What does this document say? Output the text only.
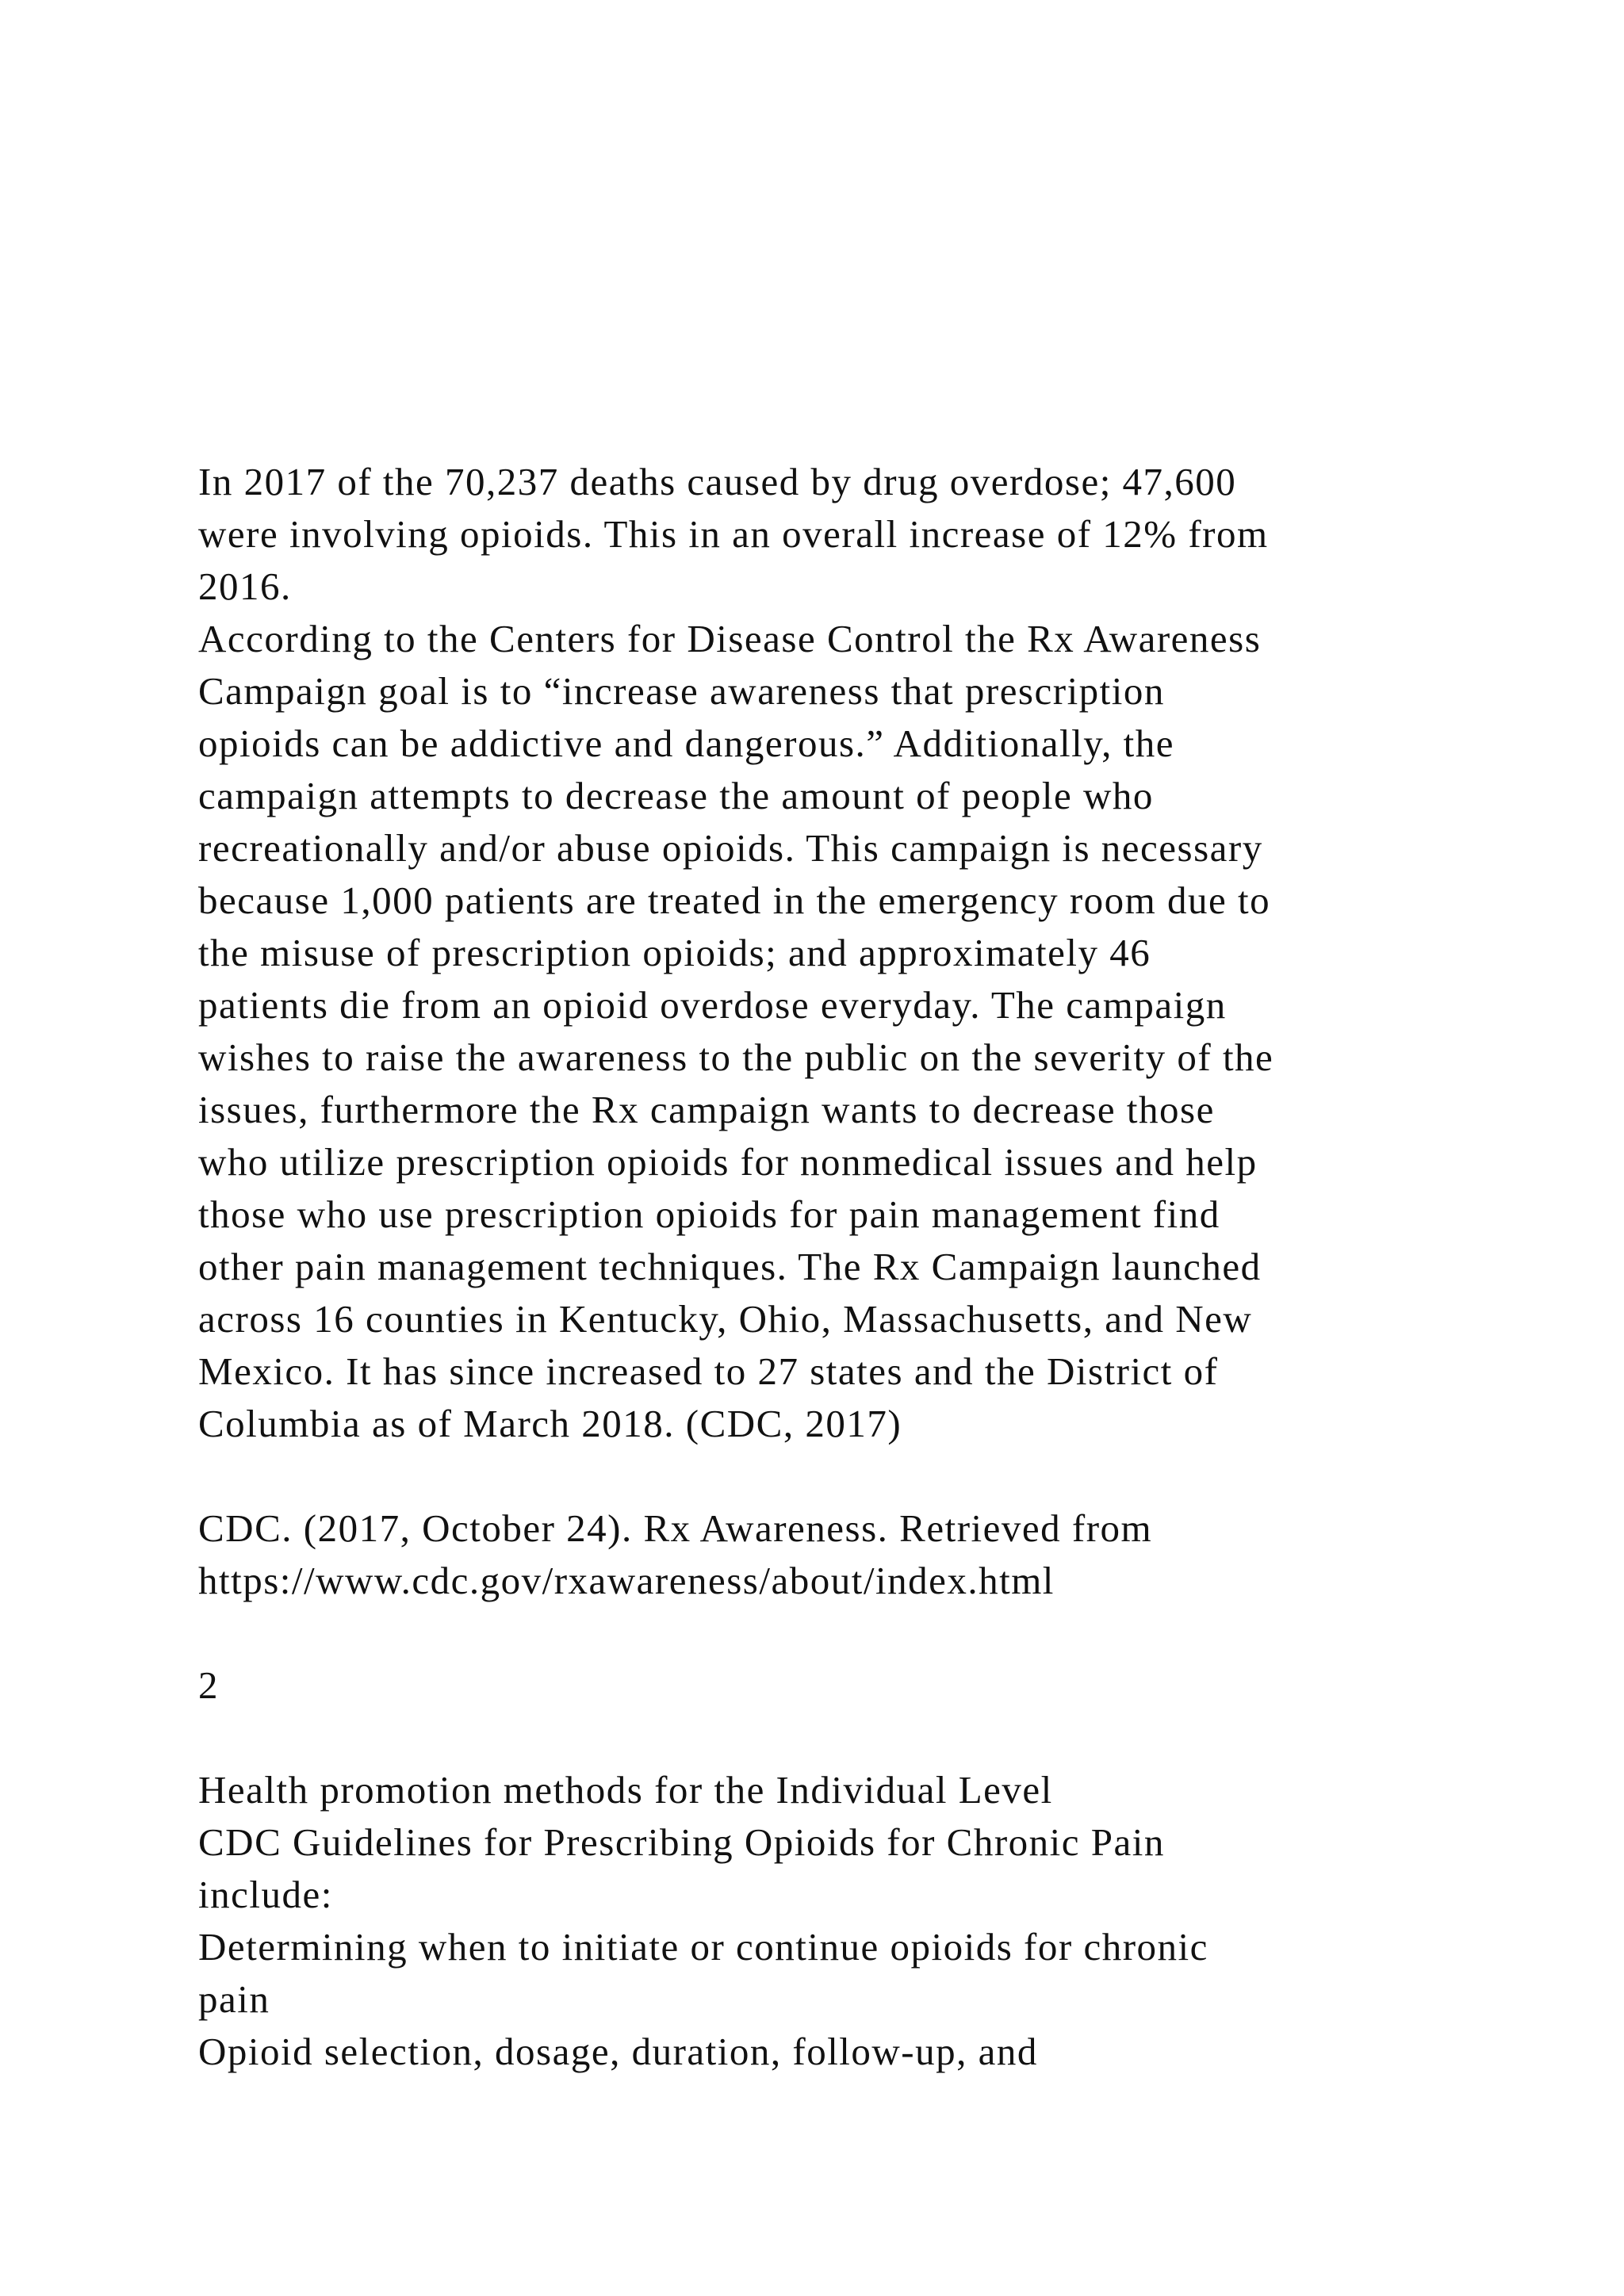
In 2017 of the 70,237 deaths caused by drug overdose; 47,600
were involving opioids. This in an overall increase of 12% from
2016.
According to the Centers for Disease Control the Rx Awareness
Campaign goal is to “increase awareness that prescription
opioids can be addictive and dangerous.” Additionally, the
campaign attempts to decrease the amount of people who
recreationally and/or abuse opioids. This campaign is necessary
because 1,000 patients are treated in the emergency room due to
the misuse of prescription opioids; and approximately 46
patients die from an opioid overdose everyday. The campaign
wishes to raise the awareness to the public on the severity of the
issues, furthermore the Rx campaign wants to decrease those
who utilize prescription opioids for nonmedical issues and help
those who use prescription opioids for pain management find
other pain management techniques. The Rx Campaign launched
across 16 counties in Kentucky, Ohio, Massachusetts, and New
Mexico. It has since increased to 27 states and the District of
Columbia as of March 2018. (CDC, 2017)
CDC. (2017, October 24). Rx Awareness. Retrieved from
https://www.cdc.gov/rxawareness/about/index.html
2
Health promotion methods for the Individual Level
CDC Guidelines for Prescribing Opioids for Chronic Pain
include:
Determining when to initiate or continue opioids for chronic
pain
Opioid selection, dosage, duration, follow-up, and
